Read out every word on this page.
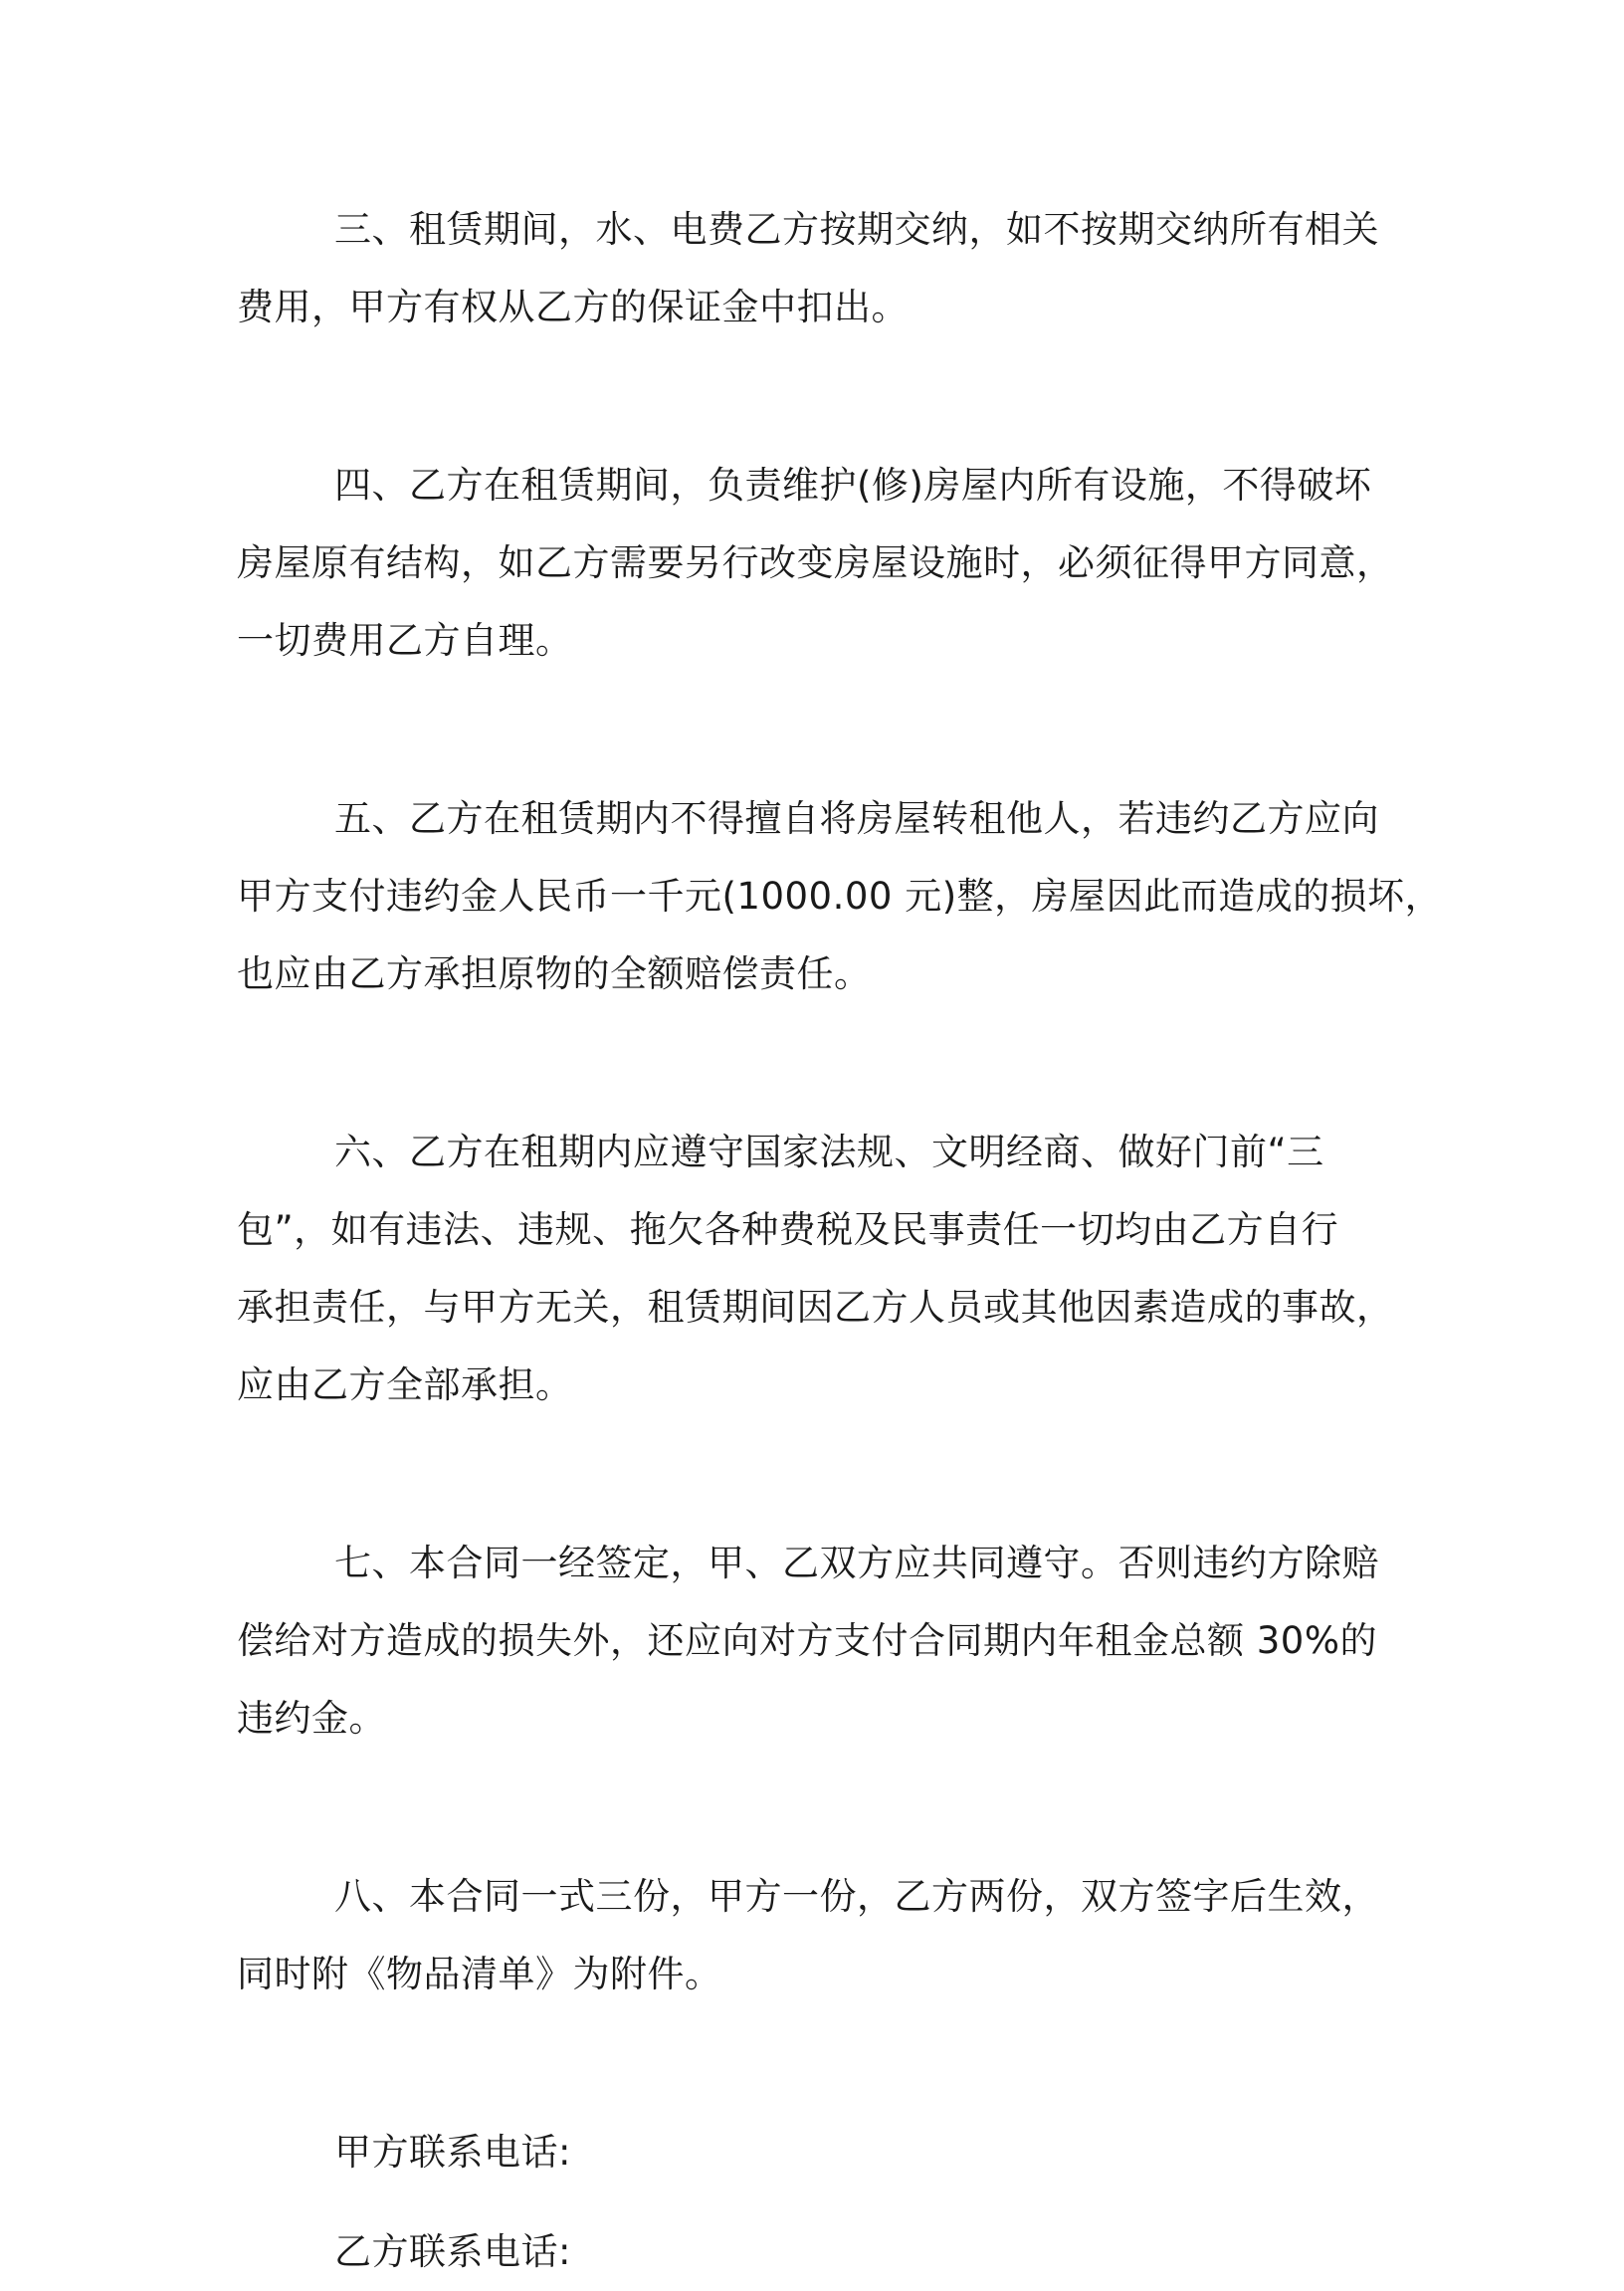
三、租赁期间，水、电费乙方按期交纳，如不按期交纳所有相关
费用，甲方有权从乙方的保证金中扣出。
四、乙方在租赁期间，负责维护(修)房屋内所有设施，不得破坏
房屋原有结构，如乙方需要另行改变房屋设施时，必须征得甲方同意，
一切费用乙方自理。
五、乙方在租赁期内不得擅自将房屋转租他人，若违约乙方应向
甲方支付违约金人民币一千元(1000.00 元)整，房屋因此而造成的损坏，
也应由乙方承担原物的全额赔偿责任。
六、乙方在租期内应遵守国家法规、文明经商、做好门前“三
包”，如有违法、违规、拖欠各种费税及民事责任一切均由乙方自行
承担责任，与甲方无关，租赁期间因乙方人员或其他因素造成的事故，
应由乙方全部承担。
七、本合同一经签定，甲、乙双方应共同遵守。否则违约方除赔
偿给对方造成的损失外，还应向对方支付合同期内年租金总额 30%的
违约金。
八、本合同一式三份，甲方一份，乙方两份，双方签字后生效，
同时附《物品清单》为附件。
甲方联系电话:
乙方联系电话:
